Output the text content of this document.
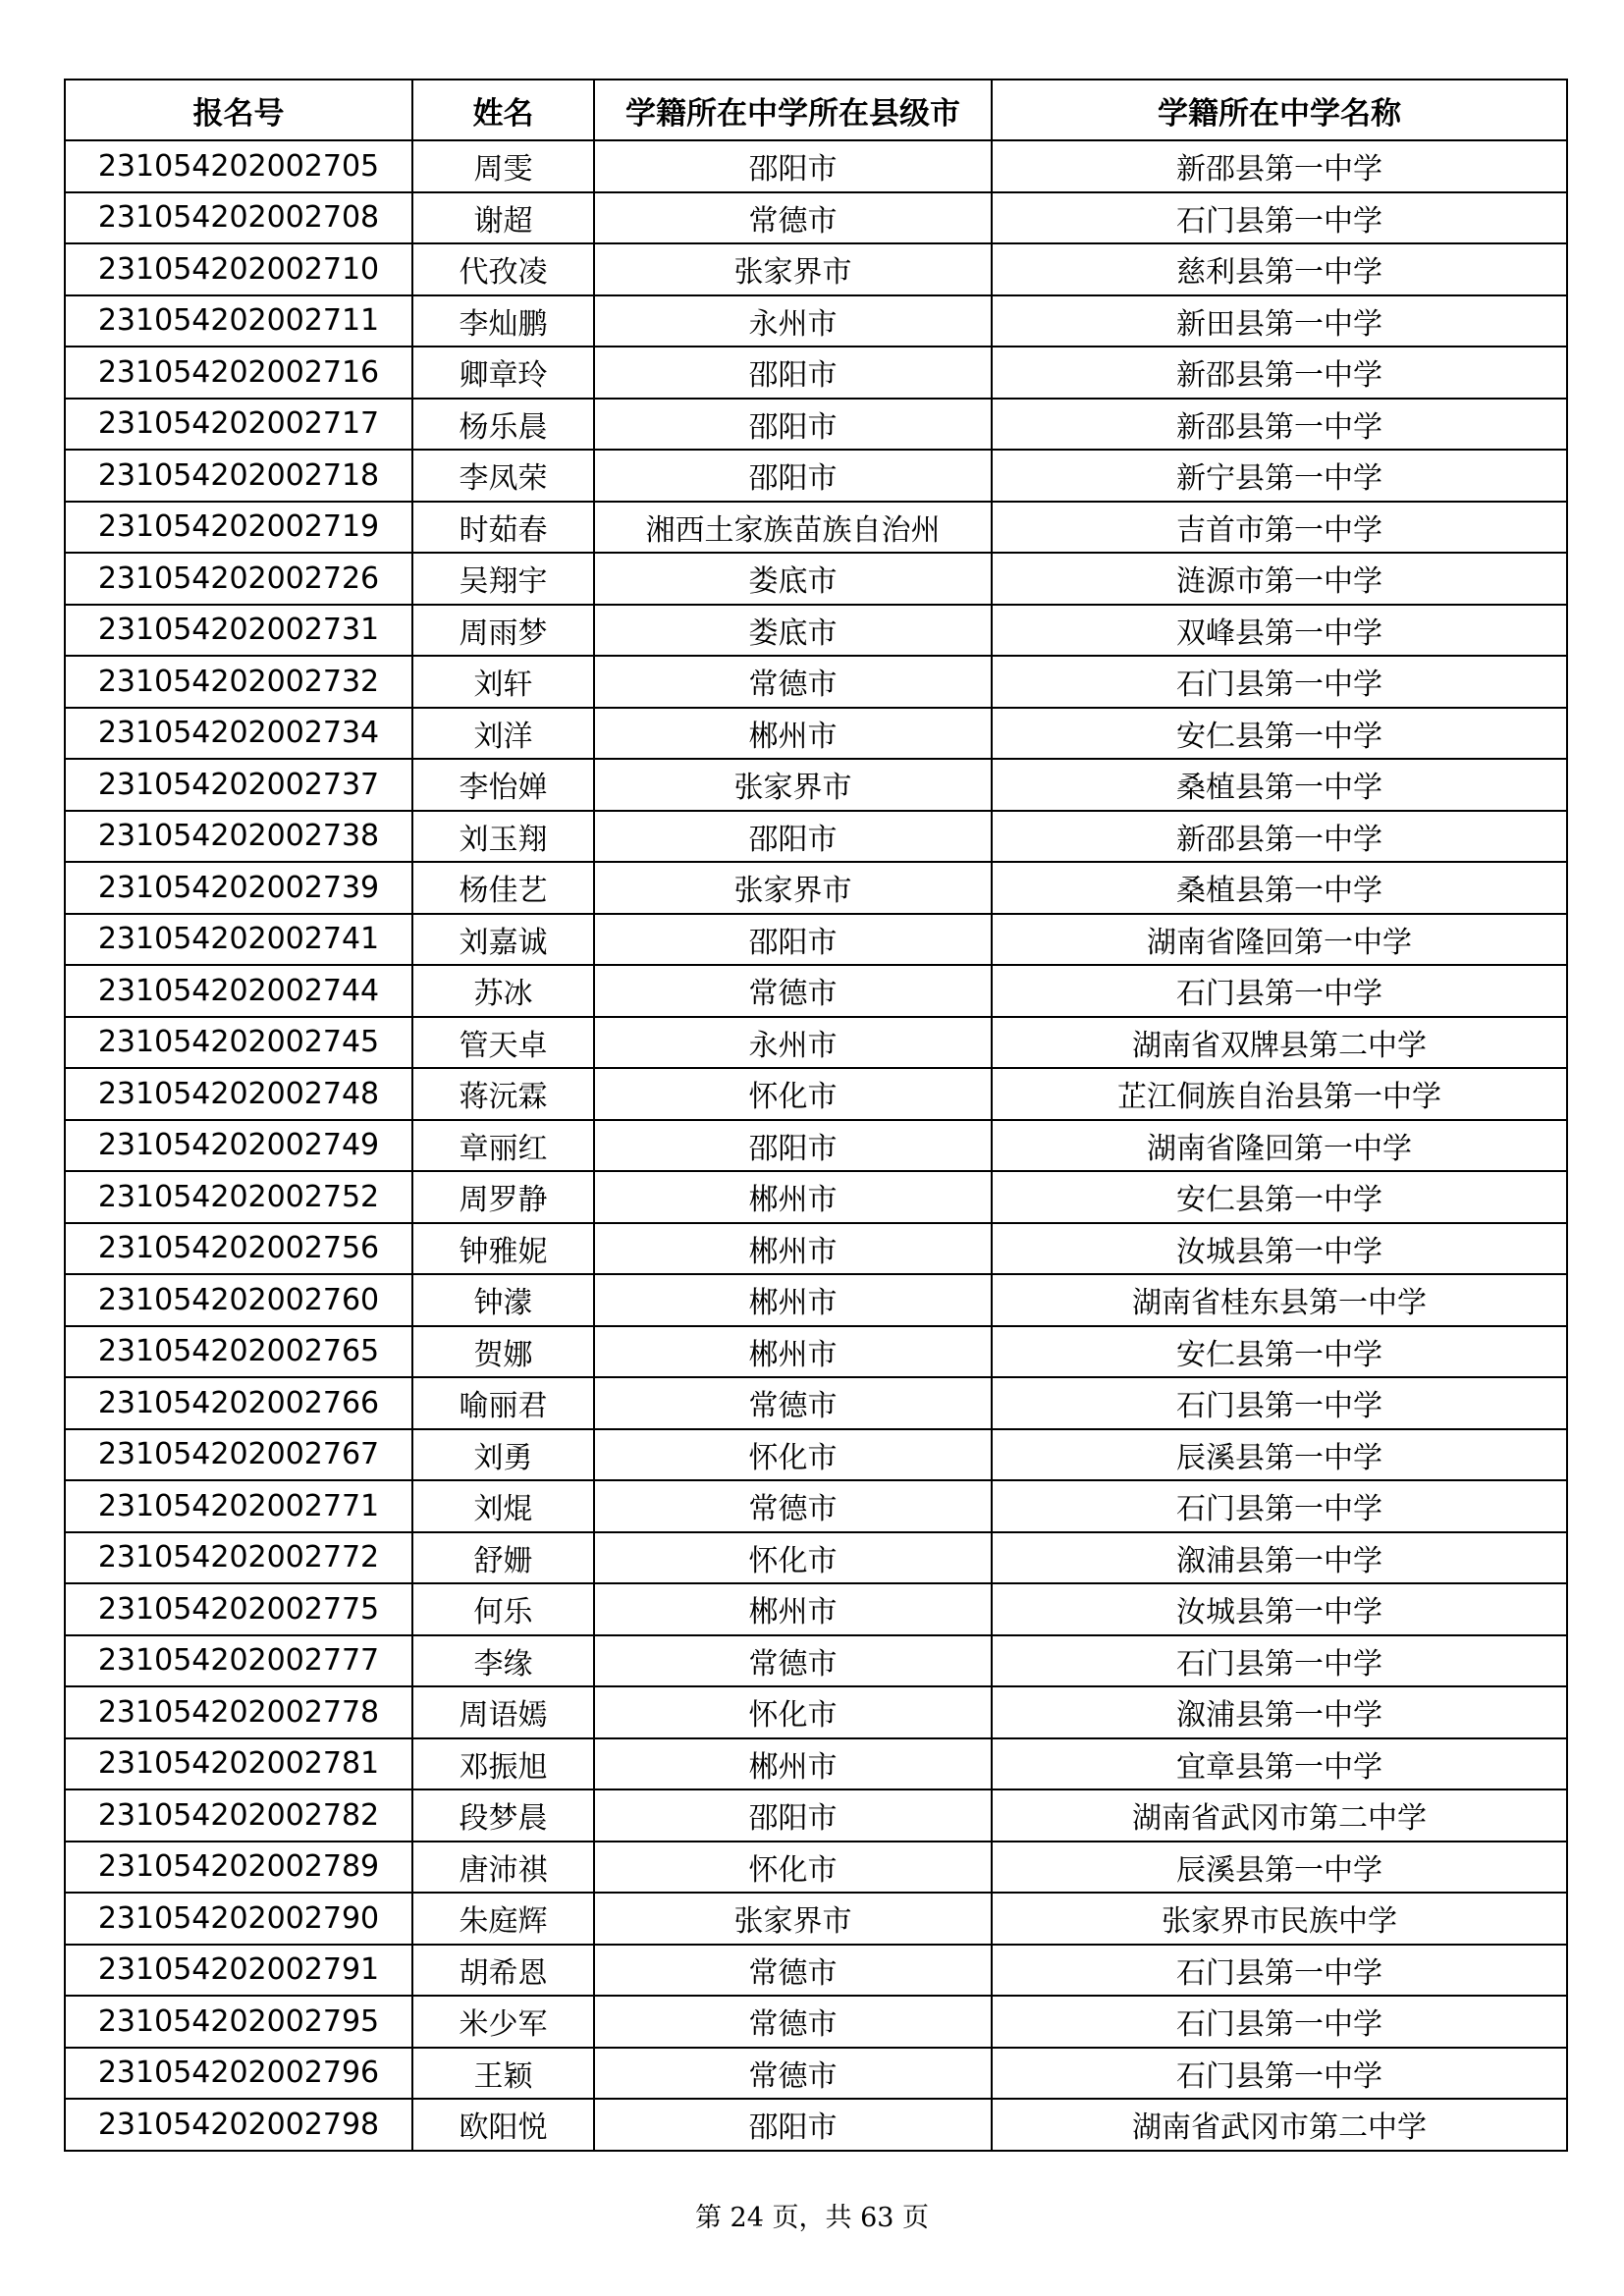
报名号	姓名	学籍所在中学所在县级市	学籍所在中学名称
231054202002705	周雯	邵阳市	新邵县第一中学
231054202002708	谢超	常德市	石门县第一中学
231054202002710	代孜凌	张家界市	慈利县第一中学
231054202002711	李灿鹏	永州市	新田县第一中学
231054202002716	卿章玲	邵阳市	新邵县第一中学
231054202002717	杨乐晨	邵阳市	新邵县第一中学
231054202002718	李凤荣	邵阳市	新宁县第一中学
231054202002719	时茹春	湘西土家族苗族自治州	吉首市第一中学
231054202002726	吴翔宇	娄底市	涟源市第一中学
231054202002731	周雨梦	娄底市	双峰县第一中学
231054202002732	刘轩	常德市	石门县第一中学
231054202002734	刘洋	郴州市	安仁县第一中学
231054202002737	李怡婵	张家界市	桑植县第一中学
231054202002738	刘玉翔	邵阳市	新邵县第一中学
231054202002739	杨佳艺	张家界市	桑植县第一中学
231054202002741	刘嘉诚	邵阳市	湖南省隆回第一中学
231054202002744	苏冰	常德市	石门县第一中学
231054202002745	管天卓	永州市	湖南省双牌县第二中学
231054202002748	蒋沅霖	怀化市	芷江侗族自治县第一中学
231054202002749	章丽红	邵阳市	湖南省隆回第一中学
231054202002752	周罗静	郴州市	安仁县第一中学
231054202002756	钟雅妮	郴州市	汝城县第一中学
231054202002760	钟濛	郴州市	湖南省桂东县第一中学
231054202002765	贺娜	郴州市	安仁县第一中学
231054202002766	喻丽君	常德市	石门县第一中学
231054202002767	刘勇	怀化市	辰溪县第一中学
231054202002771	刘焜	常德市	石门县第一中学
231054202002772	舒姗	怀化市	溆浦县第一中学
231054202002775	何乐	郴州市	汝城县第一中学
231054202002777	李缘	常德市	石门县第一中学
231054202002778	周语嫣	怀化市	溆浦县第一中学
231054202002781	邓振旭	郴州市	宜章县第一中学
231054202002782	段梦晨	邵阳市	湖南省武冈市第二中学
231054202002789	唐沛祺	怀化市	辰溪县第一中学
231054202002790	朱庭辉	张家界市	张家界市民族中学
231054202002791	胡希恩	常德市	石门县第一中学
231054202002795	米少军	常德市	石门县第一中学
231054202002796	王颖	常德市	石门县第一中学
231054202002798	欧阳悦	邵阳市	湖南省武冈市第二中学
第 24 页，共 63 页
